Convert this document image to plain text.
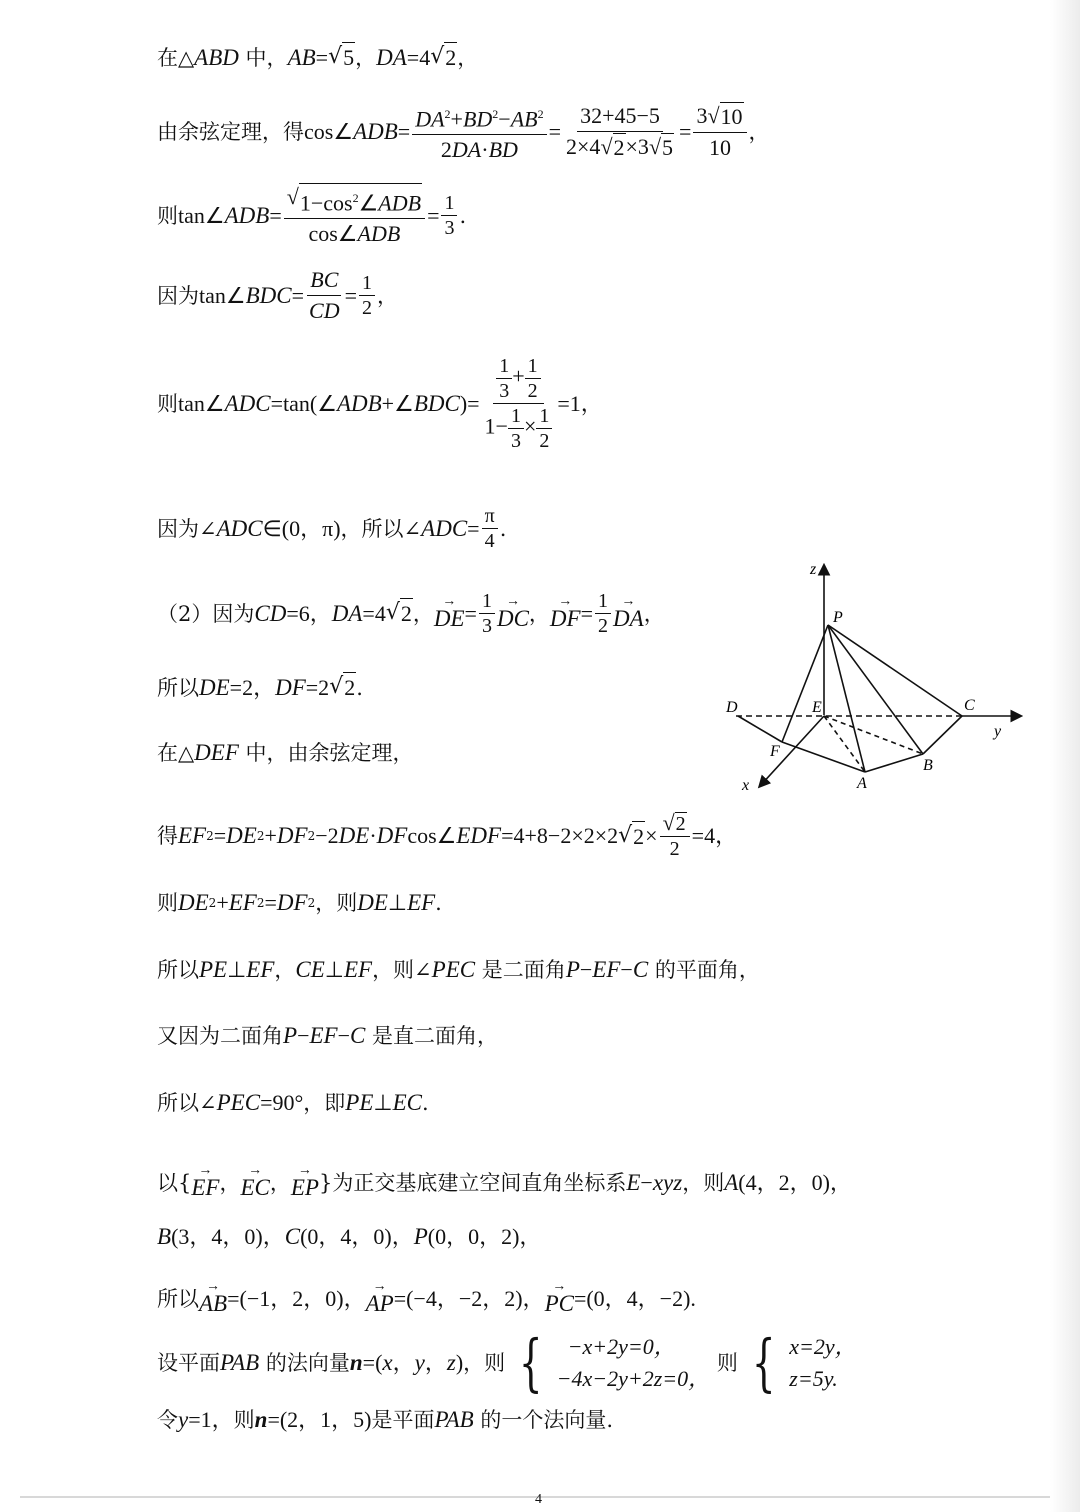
在△ ABD 中， AB = √ 5 ， DA =4 √ 2 ，
由余弦定理，得 cos∠ ADB = $\frac{DA^2+BD^2-AB^2}{2DA\cdot BD} = \frac{32+45-5}{2\times 4 √ 2 \times 3 √ 5} = \frac{3 √ 10}{10}$ ，
则 tan∠ ADB = $\frac{√ 1-\cos^2\angle ADB}{\text{cos∠ADB}} = \frac{1}{3}$ .
因为 tan∠ BDC = $\frac{BC}{CD} = \frac{1}{2}$ ，
则 tan∠ ADC =tan(∠ ADB +∠ BDC )= $\frac{\frac{1}{3} + \frac{1}{2}}{1- \frac{1}{3} \times \frac{1}{2}} =1$，
因为∠ ADC ∈(0，π) ，所以∠ ADC = $\frac{\pi}{4}$ .
（2）因为 CD =6， DA =4 √ 2 ， →
DE = $\frac{1}{3}$ →
DC ， →
DF = $\frac{1}{2}$ →
DA ，
所以 DE =2， DF =2 √ 2 .
在△ DEF 中，由余弦定理，
得 EF 2 = DE 2 + DF 2 −2 DE · DF cos∠ EDF =4+8−2×2×2 √ $2 \times \frac{√ 2}{2} =4$，
则 DE 2 + EF 2 = DF 2 ，则 DE ⊥ EF .
所以 PE ⊥ EF ， CE ⊥ EF ，则∠ PEC 是二面角 P − EF − C 的平面角，
又因为二面角 P − EF − C 是直二面角，
所以∠ PEC =90° ，即 PE ⊥ EC .
以{ →
EF ， →
EC ， →
EP }为正交基底建立空间直角坐标系 E − xyz ，则 A (4，2，0)，
B (3，4，0)， C (0，4，0)， P (0，0，2)，
所以 →
AB =(−1，2，0)， →
AP =(−4，−2，2)， →
PC =(0，4，−2).
设平面 PAB 的法向量 n =( x ， y ， z ) ，则 { −x+2y=0，
−4x−2y+2z=0，
则 { x=2y，
z=5y.
令 y =1， 则 n =(2，1，5) 是平面 PAB 的一个法向量.
z
P
D	E	C
y
F
B
A
x
4
